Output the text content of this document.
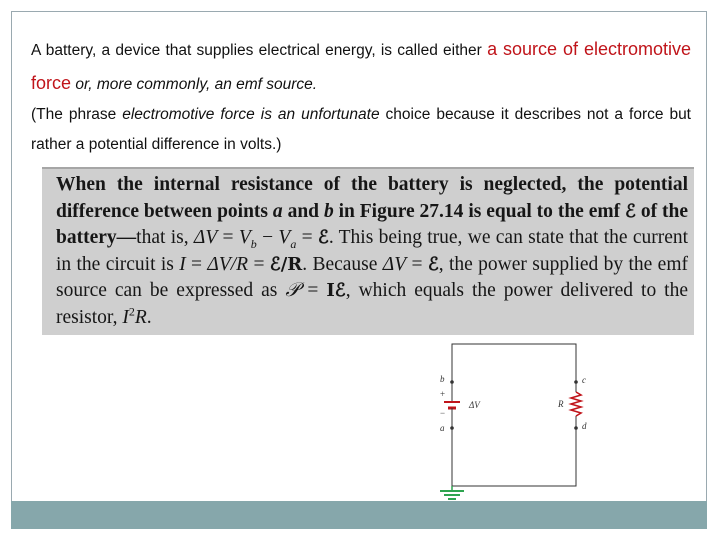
A battery, a device that supplies electrical energy, is called either a source of electromotive force or, more commonly, an emf source.
(The phrase electromotive force is an unfortunate choice because it describes not a force but rather a potential difference in volts.)
When the internal resistance of the battery is neglected, the potential difference between points a and b in Figure 27.14 is equal to the emf ℰ of the battery—that is, $\Delta V = V_b - V_a$ = ℰ. This being true, we can state that the current in the circuit is I = ΔV/R = ℰ/R. Because ΔV = ℰ, the power supplied by the emf source can be expressed as 𝒫 = Iℰ, which equals the power delivered to the resistor, $I^2R$.
b
a
c
d
ΔV	R
+
−
